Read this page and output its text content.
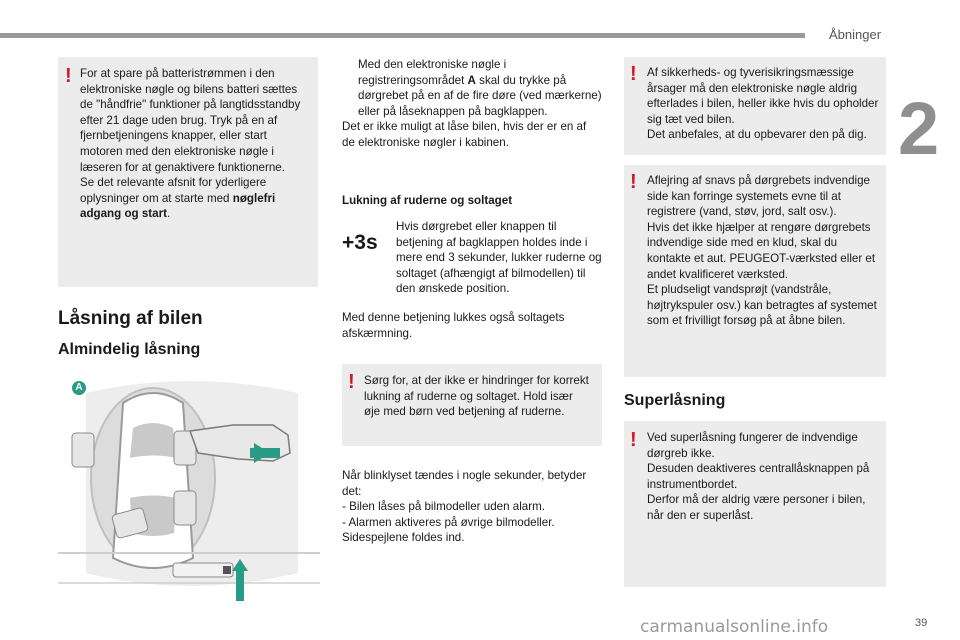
Åbninger
2
! For at spare på batteristrømmen i den elektroniske nøgle og bilens batteri sættes de "håndfrie" funktioner på langtidsstandby efter 21 dage uden brug. Tryk på en af fjernbetjeningens knapper, eller start motoren med den elektroniske nøgle i læseren for at genaktivere funktionerne.

Se det relevante afsnit for yderligere oplysninger om at starte med nøglefri adgang og start.

Låsning af bilen
Almindelig låsning
A

Med den elektroniske nøgle i registreringsområdet A skal du trykke på dørgrebet på en af de fire døre (ved mærkerne) eller på låseknappen på bagklappen.

Det er ikke muligt at låse bilen, hvis der er en af de elektroniske nøgler i kabinen.

Lukning af ruderne og soltaget
+3s
Hvis dørgrebet eller knappen til betjening af bagklappen holdes inde i mere end 3 sekunder, lukker ruderne og soltaget (afhængigt af bilmodellen) til den ønskede position.
Med denne betjening lukkes også soltagets afskærmning.
! Sørg for, at der ikke er hindringer for korrekt lukning af ruderne og soltaget. Hold især øje med børn ved betjening af ruderne.

Når blinklyset tændes i nogle sekunder, betyder det:

- Bilen låses på bilmodeller uden alarm.

- Alarmen aktiveres på øvrige bilmodeller.

Sidespejlene foldes ind.

! Af sikkerheds- og tyverisikringsmæssige årsager må den elektroniske nøgle aldrig efterlades i bilen, heller ikke hvis du opholder sig tæt ved bilen.

Det anbefales, at du opbevarer den på dig.

! Aflejring af snavs på dørgrebets indvendige side kan forringe systemets evne til at registrere (vand, støv, jord, salt osv.).

Hvis det ikke hjælper at rengøre dørgrebets indvendige side med en klud, skal du kontakte et aut. PEUGEOT-værksted eller et andet kvalificeret værksted.

Et pludseligt vandsprøjt (vandstråle, højtrykspuler osv.) kan betragtes af systemet som et frivilligt forsøg på at åbne bilen.

Superlåsning
! Ved superlåsning fungerer de indvendige dørgreb ikke.

Desuden deaktiveres centrallåsknappen på instrumentbordet.

Derfor må der aldrig være personer i bilen, når den er superlåst.

carmanualsonline.info	39
